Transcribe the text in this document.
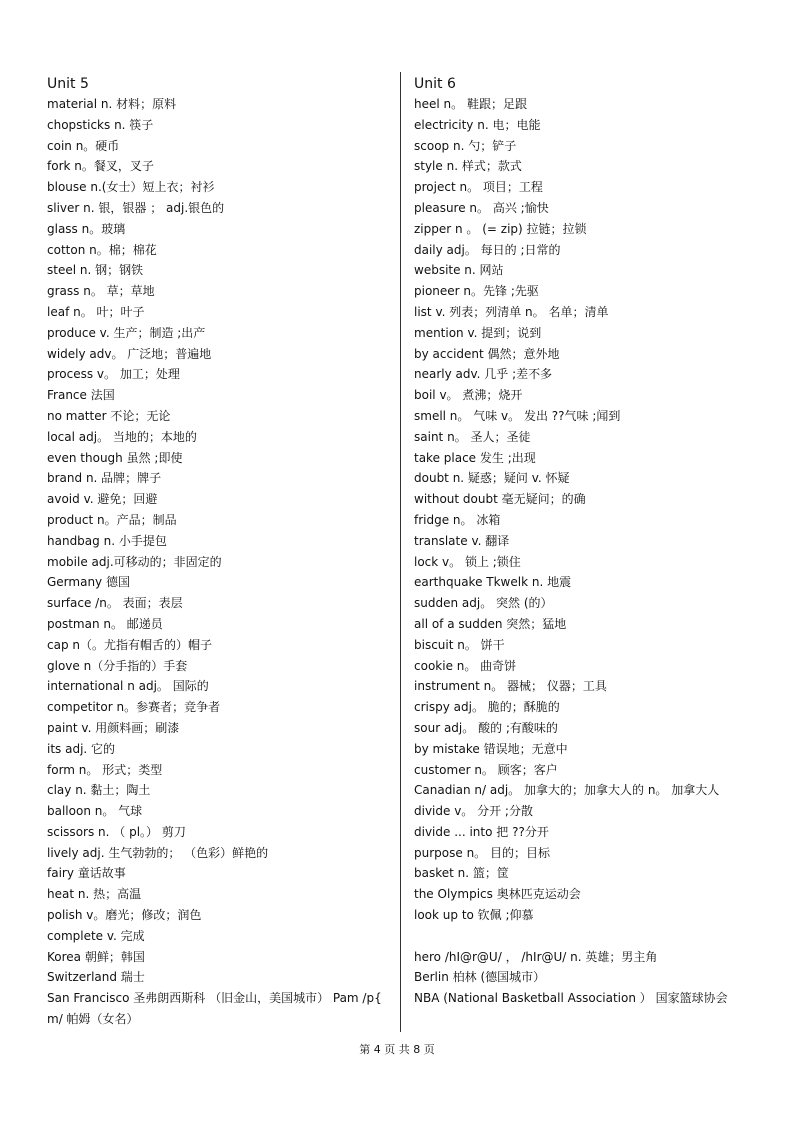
Unit 5
material n. 材料；原料
chopsticks n. 筷子
coin n。硬币
fork n。餐叉，叉子
blouse n.(女士）短上衣；衬衫
sliver n. 银，银器 ； adj.银色的
glass n。玻璃
cotton n。棉；棉花
steel n. 钢；钢铁
grass n。 草；草地
leaf n。 叶；叶子
produce v. 生产；制造 ;出产
widely adv。 广泛地；普遍地
process v。 加工；处理
France 法国
no matter 不论；无论
local adj。 当地的；本地的
even though 虽然 ;即使
brand n. 品牌；牌子
avoid v. 避免；回避
product n。产品；制品
handbag n. 小手提包
mobile adj.可移动的；非固定的
Germany 德国
surface /n。 表面；表层
postman n。 邮递员
cap n（。尤指有帽舌的）帽子
glove n（分手指的）手套
international n adj。 国际的
competitor n。参赛者；竞争者
paint v. 用颜料画；刷漆
its adj. 它的
form n。 形式；类型
clay n. 黏土；陶土
balloon n。 气球
scissors n. （ pl。） 剪刀
lively adj. 生气勃勃的； （色彩）鲜艳的
fairy 童话故事
heat n. 热；高温
polish v。磨光；修改；润色
complete v. 完成
Korea 朝鲜；韩国
Switzerland 瑞士
San Francisco 圣弗朗西斯科 （旧金山，美国城市） Pam /p{ m/ 帕姆（女名）
Unit 6
heel n。 鞋跟；足跟
electricity n. 电；电能
scoop n. 勺；铲子
style n. 样式；款式
project n。 项目；工程
pleasure n。 高兴 ;愉快
zipper n 。 (= zip) 拉链；拉锁
daily adj。 每日的 ;日常的
website n. 网站
pioneer n。先锋 ;先驱
list v. 列表；列清单 n。 名单；清单
mention v. 提到；说到
by accident 偶然；意外地
nearly adv. 几乎 ;差不多
boil v。 煮沸；烧开
smell n。 气味 v。 发出 ??气味 ;闻到
saint n。 圣人；圣徒
take place 发生 ;出现
doubt n. 疑惑；疑问 v. 怀疑
without doubt 毫无疑问；的确
fridge n。 冰箱
translate v. 翻译
lock v。 锁上 ;锁住
earthquake Tkwelk n. 地震
sudden adj。 突然 (的）
all of a sudden 突然；猛地
biscuit n。 饼干
cookie n。 曲奇饼
instrument n。 器械； 仪器；工具
crispy adj。 脆的；酥脆的
sour adj。 酸的 ;有酸味的
by mistake 错误地；无意中
customer n。 顾客；客户
Canadian n/ adj。 加拿大的；加拿大人的 n。 加拿大人
divide v。 分开 ;分散
divide ... into 把 ??分开
purpose n。 目的；目标
basket n. 篮；筐
the Olympics 奥林匹克运动会
look up to 钦佩 ;仰慕
hero /hI@r@U/ ， /hIr@U/ n. 英雄；男主角
Berlin 柏林 (德国城市）
NBA (National Basketball Association ） 国家篮球协会
第 4 页 共 8 页
